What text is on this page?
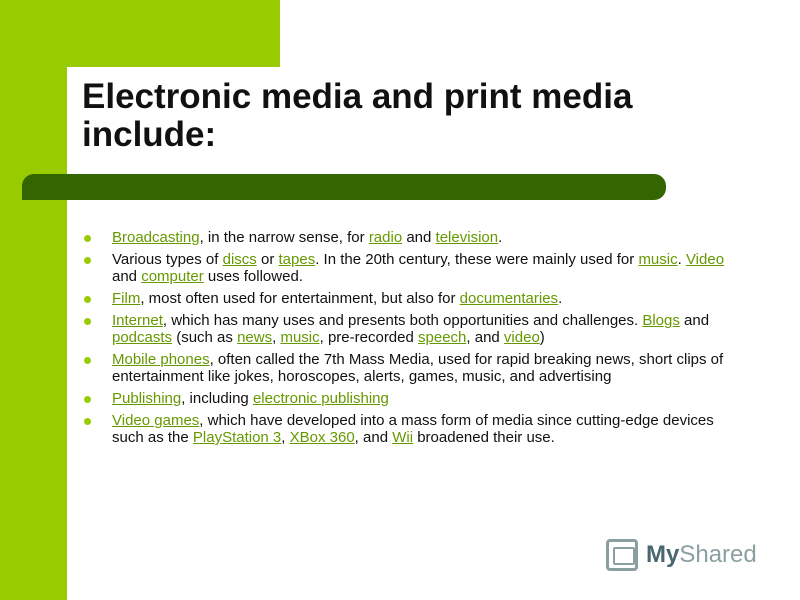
Electronic media and print media include:
Broadcasting, in the narrow sense, for radio and television.
Various types of discs or tapes. In the 20th century, these were mainly used for music. Video and computer uses followed.
Film, most often used for entertainment, but also for documentaries.
Internet, which has many uses and presents both opportunities and challenges. Blogs and podcasts (such as news, music, pre-recorded speech, and video)
Mobile phones, often called the 7th Mass Media, used for rapid breaking news, short clips of entertainment like jokes, horoscopes, alerts, games, music, and advertising
Publishing, including electronic publishing
Video games, which have developed into a mass form of media since cutting-edge devices such as the PlayStation 3, XBox 360, and Wii broadened their use.
MyShared
